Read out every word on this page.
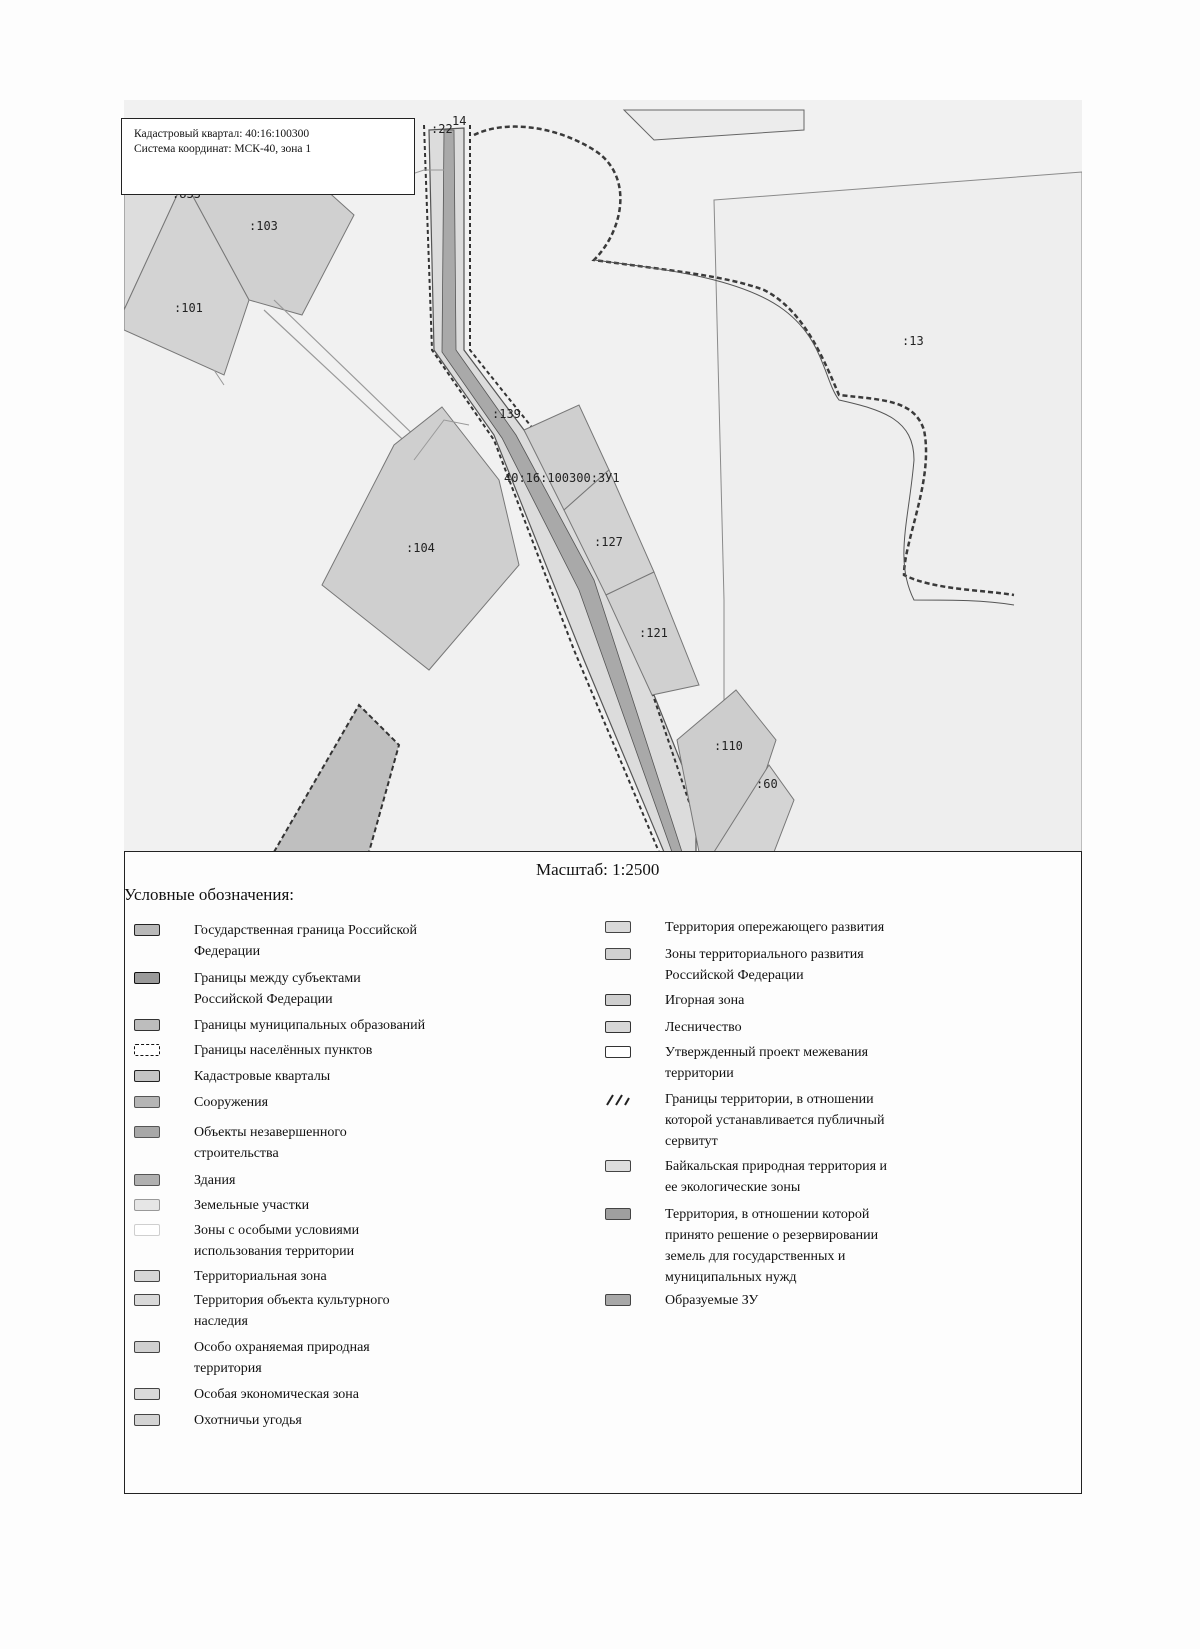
:22
14
:103
:101
:13
:139
40:16:100300:ЗУ1
:104	:127
:121
:110
:60
Кадастровый квартал: 40:16:100300
Система координат: МСК-40, зона 1
Масштаб: 1:2500
Условные обозначения:
Государственная граница Российской
Федерации
Границы между субъектами
Российской Федерации
Границы муниципальных образований
Границы населённых пунктов
Кадастровые кварталы
Сооружения
Объекты незавершенного
строительства
Здания
Земельные участки
Зоны с особыми условиями
использования территории
Территориальная зона
Территория объекта культурного
наследия
Особо охраняемая природная
территория
Особая экономическая зона
Охотничьи угодья
Территория опережающего развития
Зоны территориального развития
Российской Федерации
Игорная зона
Лесничество
Утвержденный проект межевания
территории
Границы территории, в отношении
которой устанавливается публичный
сервитут
Байкальская природная территория и
ее экологические зоны
Территория, в отношении которой
принято решение о резервировании
земель для государственных и
муниципальных нужд
Образуемые ЗУ
